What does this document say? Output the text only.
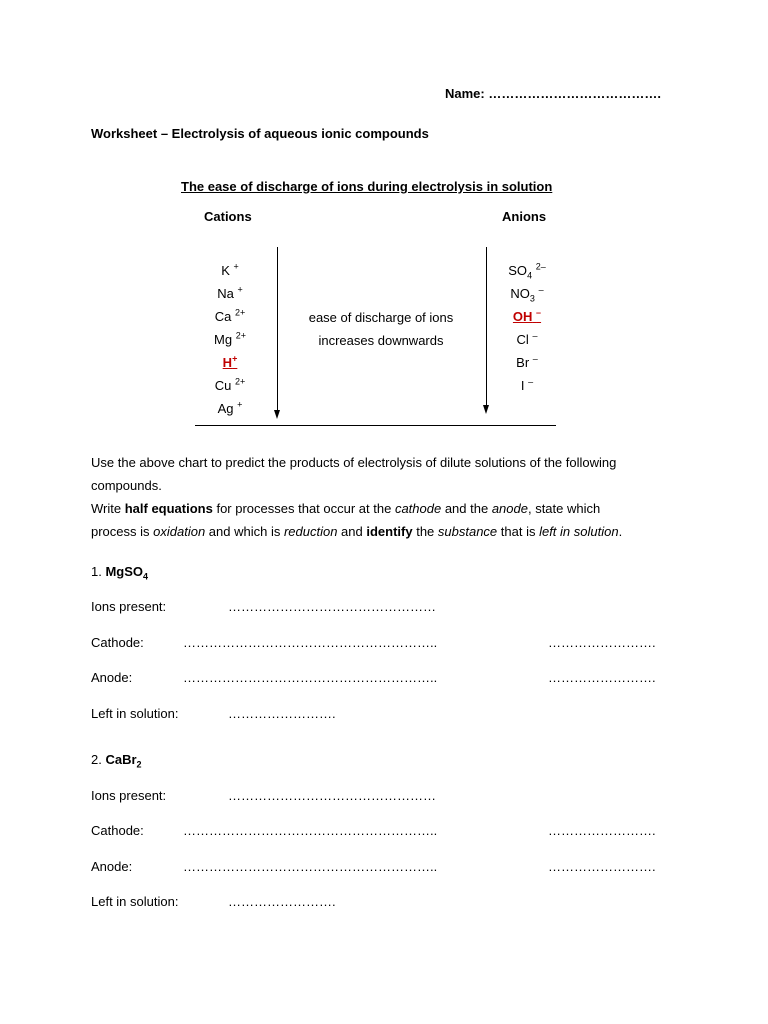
Name: ………………………………….
Worksheet – Electrolysis of aqueous ionic compounds
The ease of discharge of ions during electrolysis in solution
Cations	Anions
K +
Na +
Ca $^{2+}$
Mg $^{2+}$
H+
Cu $^{2+}$
Ag +
$SO_4$ $^{2-}$
$NO_3$ –
OH –
Cl –
Br –
I –
ease of discharge of ions
increases downwards
Use the above chart to predict the products of electrolysis of dilute solutions of the following
compounds.
Write half equations for processes that occur at the cathode and the anode, state which
process is oxidation and which is reduction and identify the substance that is left in solution.
1. MgSO$_4$
Ions present:	…………………………………………
Cathode:	…………………………………………………..	…………………….
Anode:	…………………………………………………..	…………………….
Left in solution:	…………………….
2. CaBr$_2$
Ions present:	…………………………………………
Cathode:	…………………………………………………..	…………………….
Anode:	…………………………………………………..	…………………….
Left in solution:	…………………….
